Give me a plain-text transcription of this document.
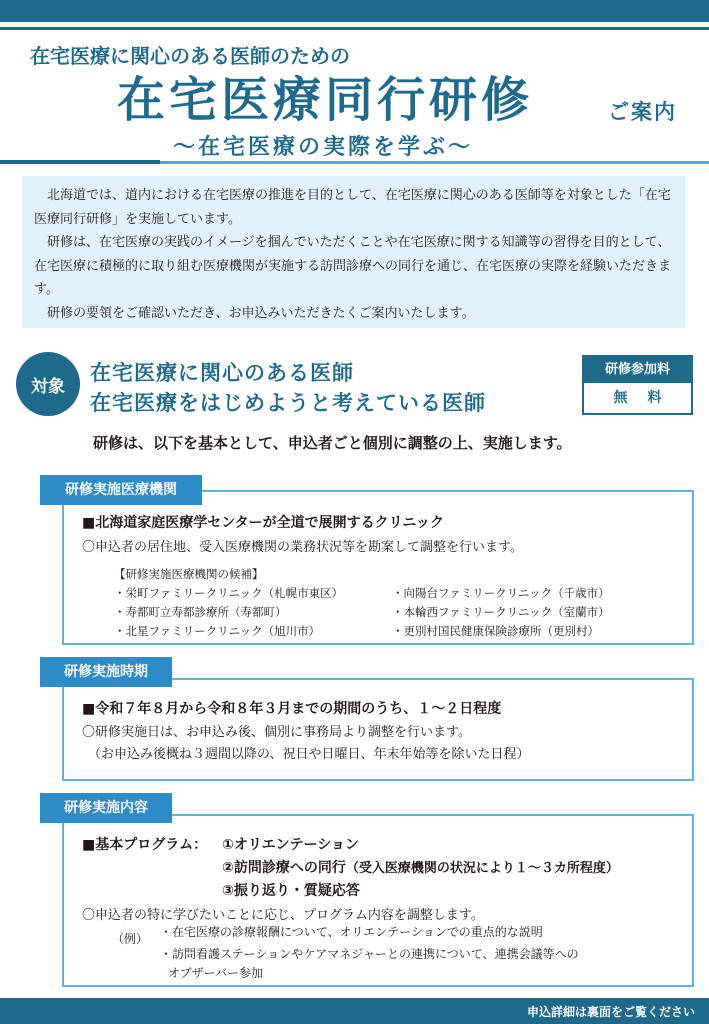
在宅医療に関心のある医師のための
在宅医療同行研修	ご案内
～在宅医療の実際を学ぶ～

　北海道では、道内における在宅医療の推進を目的として、在宅医療に関心のある医師等を対象とした「在宅医療同行研修」を実施しています。

　研修は、在宅医療の実践のイメージを掴んでいただくことや在宅医療に関する知識等の習得を目的として、在宅医療に積極的に取り組む医療機関が実施する訪問診療への同行を通じ、在宅医療の実際を経験いただきます。

　研修の要領をご確認いただき、お申込みいただきたくご案内いたします。

対象
在宅医療に関心のある医師
在宅医療をはじめようと考えている医師
研修参加料
無料
研修は、以下を基本として、申込者ごと個別に調整の上、実施します。
■北海道家庭医療学センターが全道で展開するクリニック
〇申込者の居住地、受入医療機関の業務状況等を勘案して調整を行います。
【研修実施医療機関の候補】
・栄町ファミリークリニック（札幌市東区）
・寿都町立寿都診療所（寿都町）
・北星ファミリークリニック（旭川市）
・向陽台ファミリークリニック（千歳市）
・本輪西ファミリークリニック（室蘭市）
・更別村国民健康保険診療所（更別村）
研修実施医療機関
■令和７年８月から令和８年３月までの期間のうち、１～２日程度
〇研修実施日は、お申込み後、個別に事務局より調整を行います。
（お申込み後概ね３週間以降の、祝日や日曜日、年末年始等を除いた日程）
研修実施時期
■基本プログラム： ①オリエンテーション
②訪問診療への同行（受入医療機関の状況により１～３カ所程度）
③振り返り・質疑応答
〇申込者の特に学びたいことに応じ、プログラム内容を調整します。
（例） ・在宅医療の診療報酬について、オリエンテーションでの重点的な説明
・訪問看護ステーションやケアマネジャーとの連携について、連携会議等への
オブザーバー参加
研修実施内容
申込詳細は裏面をご覧ください
